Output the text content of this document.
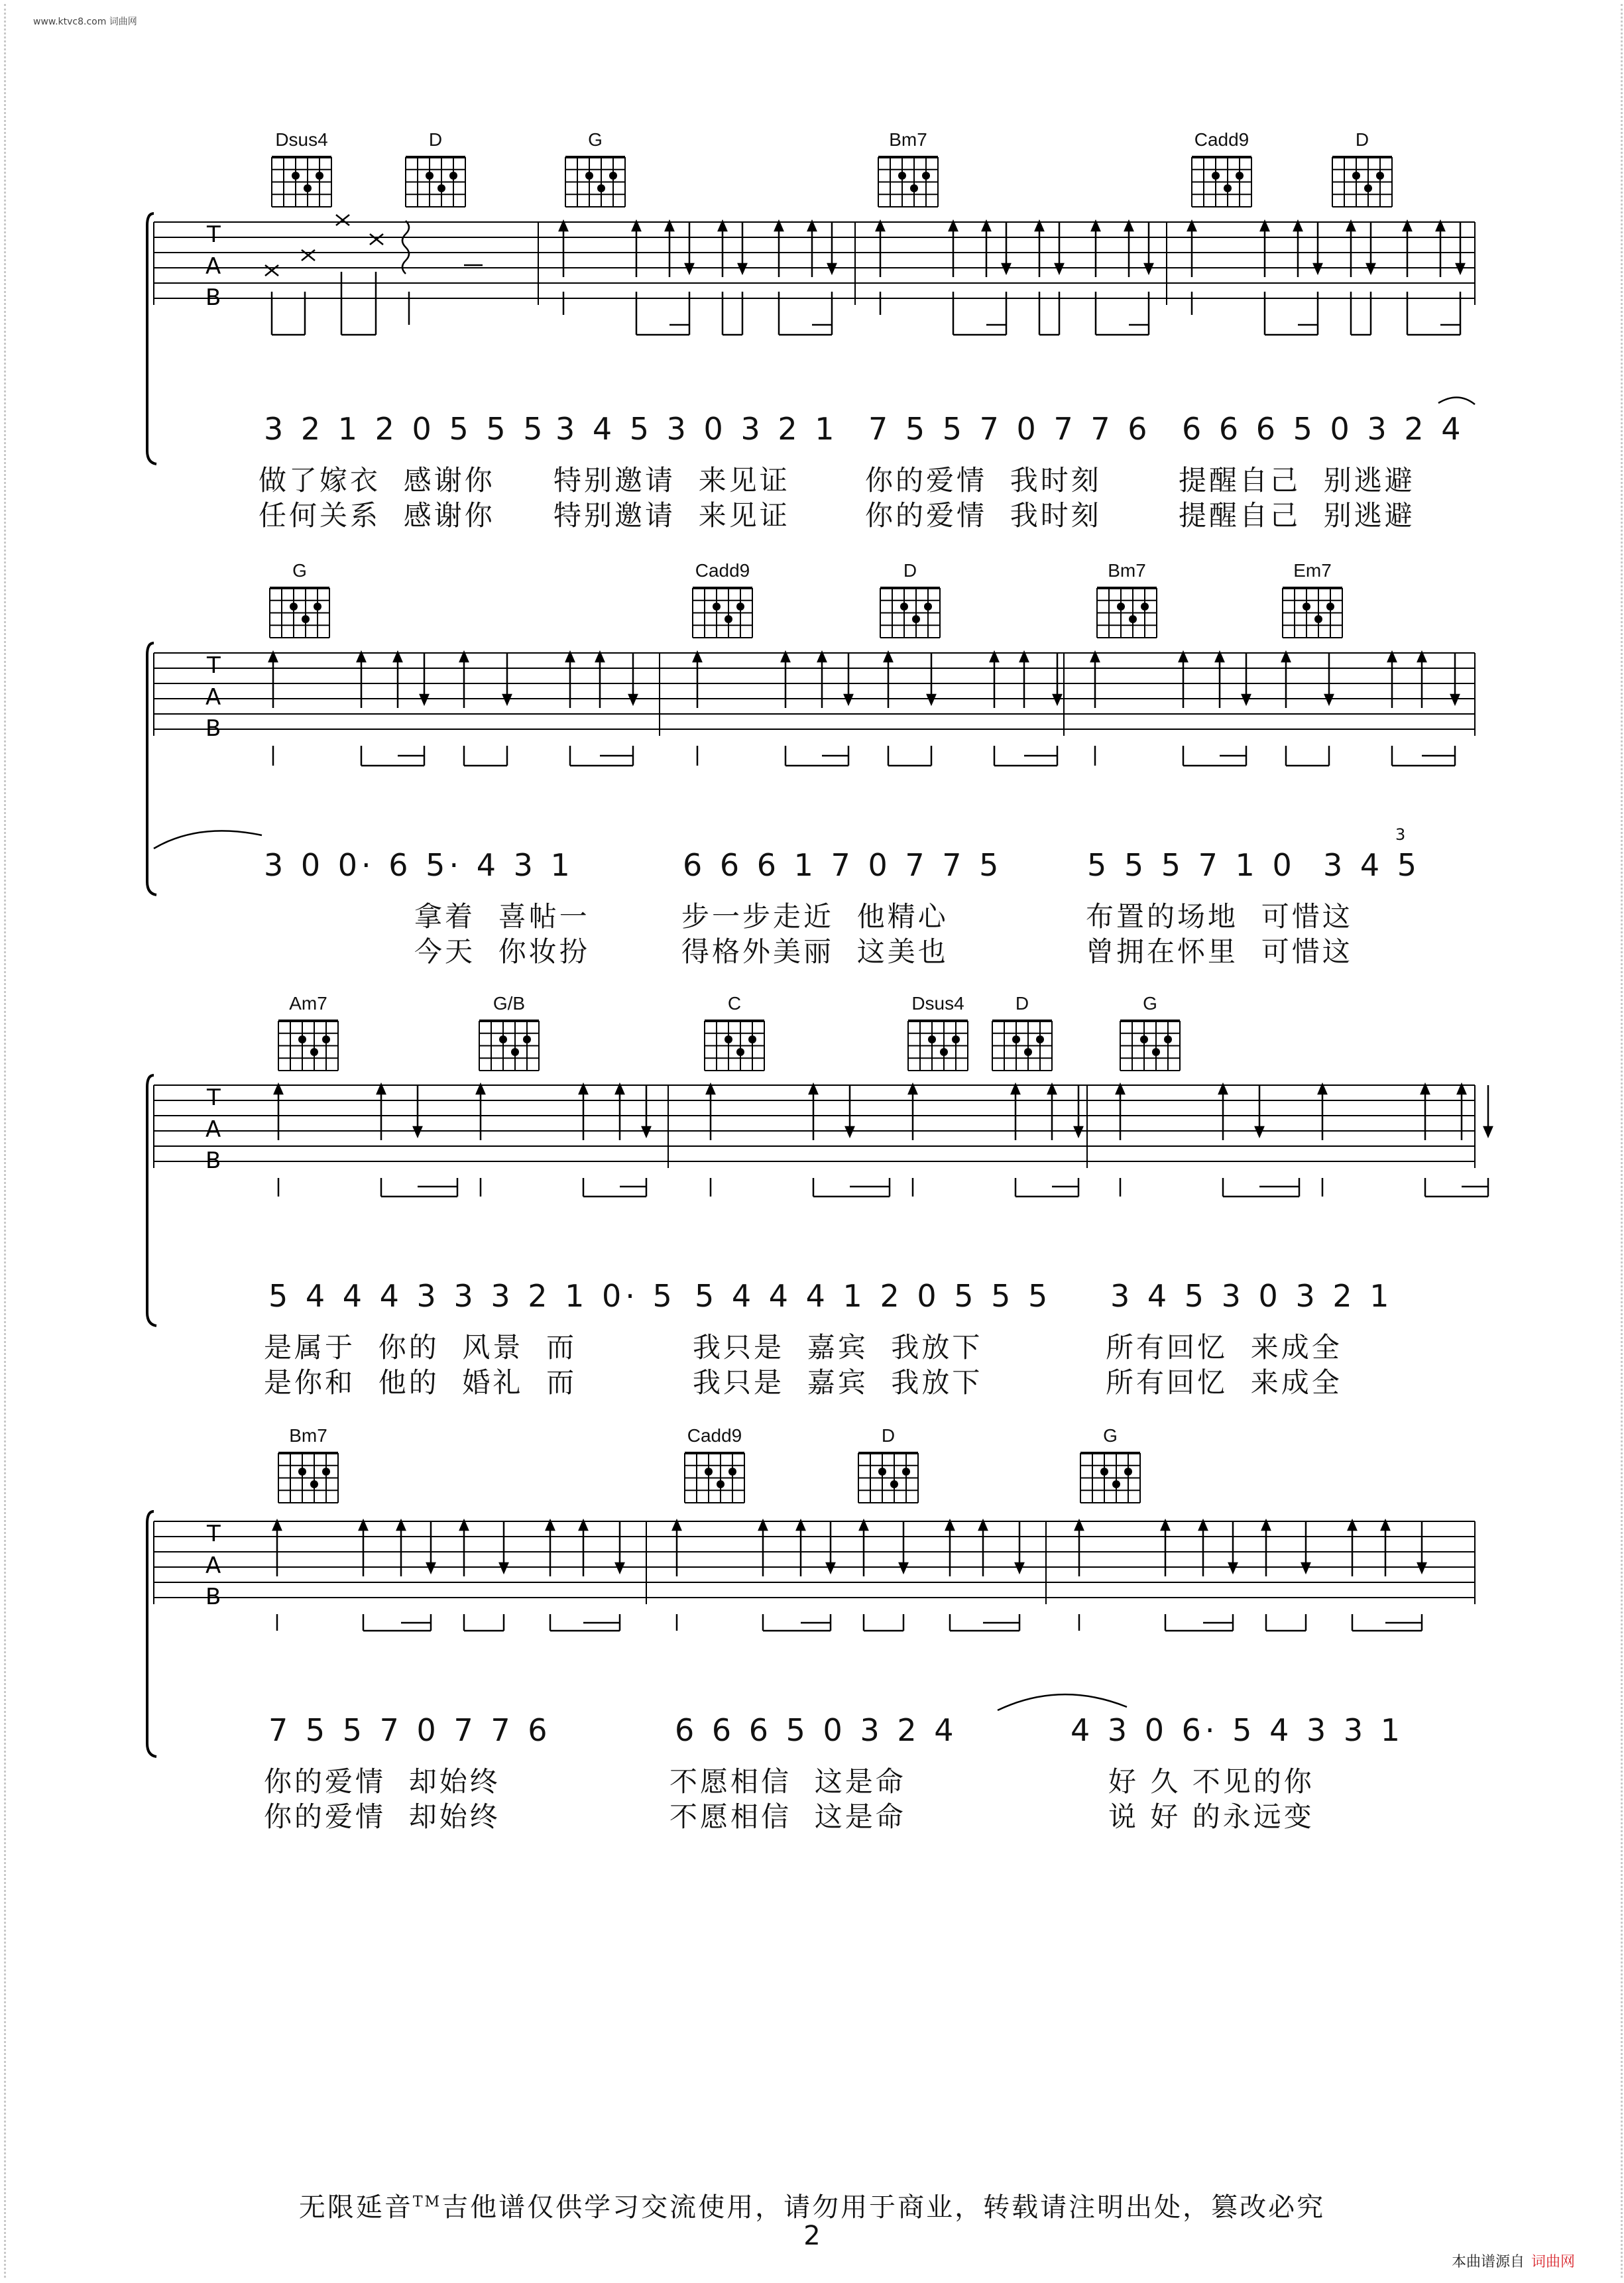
www.ktvc8.com 词曲网
Dsus4	D	G	Bm7	Cadd9	D
T
A
B
3 2 1 2 0 5 5 5 3 4 5 3 0 3 2 1 7 5 5 7 0 7 7 6 6 6 6 5 0 3 2 4
做了嫁衣  感谢你 特别邀请  来见证	你的爱情  我时刻	提醒自己  别逃避
任何关系  感谢你 特别邀请  来见证	你的爱情  我时刻	提醒自己  别逃避
G	Cadd9	D	Bm7	Em7
T
A
B
3 0 0· 6 5· 4 3 1	6 6 6 1 7 0 7 7 5	5 5 5 7 1 0  3 4 5
3
拿着  喜帖一	步一步走近  他精心	布置的场地  可惜这
今天  你妆扮	得格外美丽  这美也	曾拥在怀里  可惜这
Am7	G/B	C	Dsus4	D	G
T
A
B
5 4 4 4 3 3 3 2 1 0· 5 5 4 4 4 1 2 0 5 5 5 3 4 5 3 0 3 2 1
是属于  你的  风景  而	我只是  嘉宾  我放下	所有回忆  来成全
是你和  他的  婚礼  而	我只是  嘉宾  我放下	所有回忆  来成全
Bm7	Cadd9	D	G
T
A
B
7 5 5 7 0 7 7 6	6 6 6 5 0 3 2 4	4 3 0 6· 5 4 3 3 1
你的爱情  却始终	不愿相信  这是命	好 久 不见的你
你的爱情  却始终	不愿相信  这是命	说 好 的永远变
无限延音™吉他谱仅供学习交流使用，请勿用于商业，转载请注明出处，篡改必究
2
本曲谱源自 词曲网
